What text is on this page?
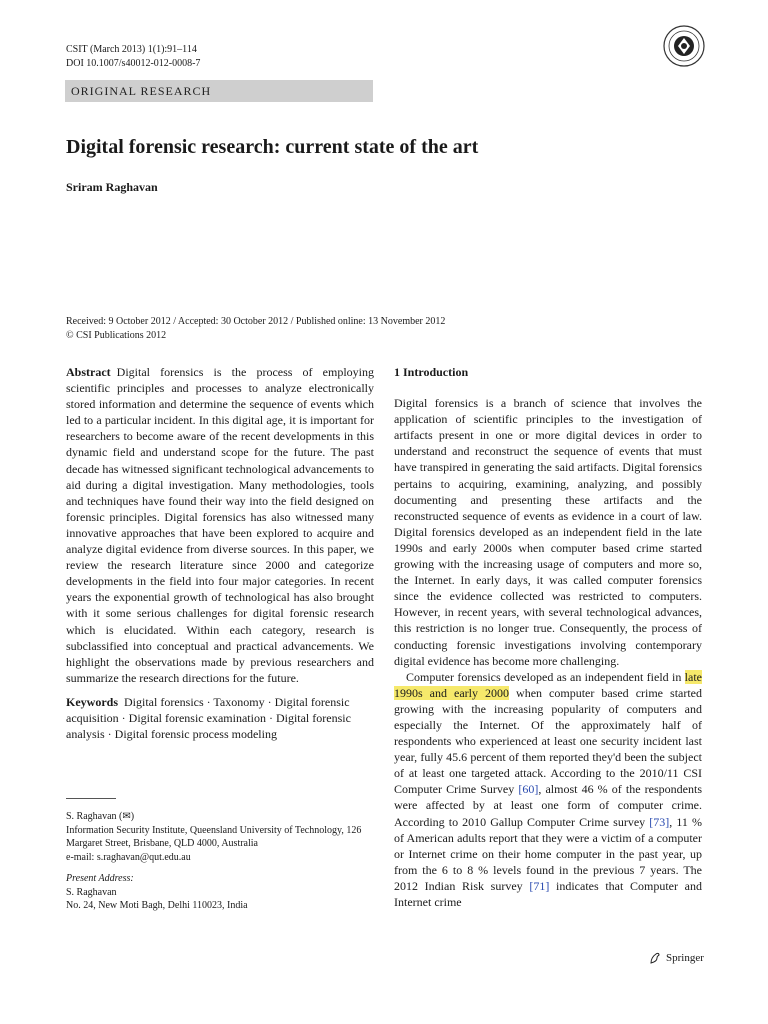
CSIT (March 2013) 1(1):91–114
DOI 10.1007/s40012-012-0008-7
ORIGINAL RESEARCH
Digital forensic research: current state of the art
Sriram Raghavan
Received: 9 October 2012 / Accepted: 30 October 2012 / Published online: 13 November 2012
© CSI Publications 2012

Abstract Digital forensics is the process of employing scientific principles and processes to analyze electronically stored information and determine the sequence of events which led to a particular incident. In this digital age, it is important for researchers to become aware of the recent developments in this dynamic field and understand scope for the future. The past decade has witnessed significant technological advancements to aid during a digital investigation. Many methodologies, tools and techniques have found their way into the field designed on forensic principles. Digital forensics has also witnessed many innovative approaches that have been explored to acquire and analyze digital evidence from diverse sources. In this paper, we review the research literature since 2000 and categorize developments in the field into four major categories. In recent years the exponential growth of technological has also brought with it some serious challenges for digital forensic research which is elucidated. Within each category, research is subclassified into conceptual and practical advancements. We highlight the observations made by previous researchers and summarize the research directions for the future.

Keywords Digital forensics · Taxonomy · Digital forensic acquisition · Digital forensic examination · Digital forensic analysis · Digital forensic process modeling

S. Raghavan (✉)

Information Security Institute, Queensland University of Technology, 126 Margaret Street, Brisbane, QLD 4000, Australia

e-mail: s.raghavan@qut.edu.au

Present Address:

S. Raghavan

No. 24, New Moti Bagh, Delhi 110023, India

1 Introduction

Digital forensics is a branch of science that involves the application of scientific principles to the investigation of artifacts present in one or more digital devices in order to understand and reconstruct the sequence of events that must have transpired in generating the said artifacts. Digital forensics pertains to acquiring, examining, analyzing, and possibly documenting and presenting these artifacts and the reconstructed sequence of events as evidence in a court of law. Digital forensics developed as an independent field in the late 1990s and early 2000s when computer based crime started growing with the increasing usage of computers and more so, the Internet. In early days, it was called computer forensics since the evidence collected was restricted to computers. However, in recent years, with several technological advances, this restriction is no longer true. Consequently, the process of conducting forensic investigations involving contemporary digital evidence has become more challenging.

Computer forensics developed as an independent field in late 1990s and early 2000 when computer based crime started growing with the increasing popularity of computers and especially the Internet. Of the approximately half of respondents who experienced at least one security incident last year, fully 45.6 percent of them reported they'd been the subject of at least one targeted attack. According to the 2010/11 CSI Computer Crime Survey [60], almost 46 % of the respondents were affected by at least one form of computer crime. According to 2010 Gallup Computer Crime survey [73], 11 % of American adults report that they were a victim of a computer or Internet crime on their home computer in the past year, up from the 6 to 8 % levels found in the previous 7 years. The 2012 Indian Risk survey [71] indicates that Computer and Internet crime

Springer
